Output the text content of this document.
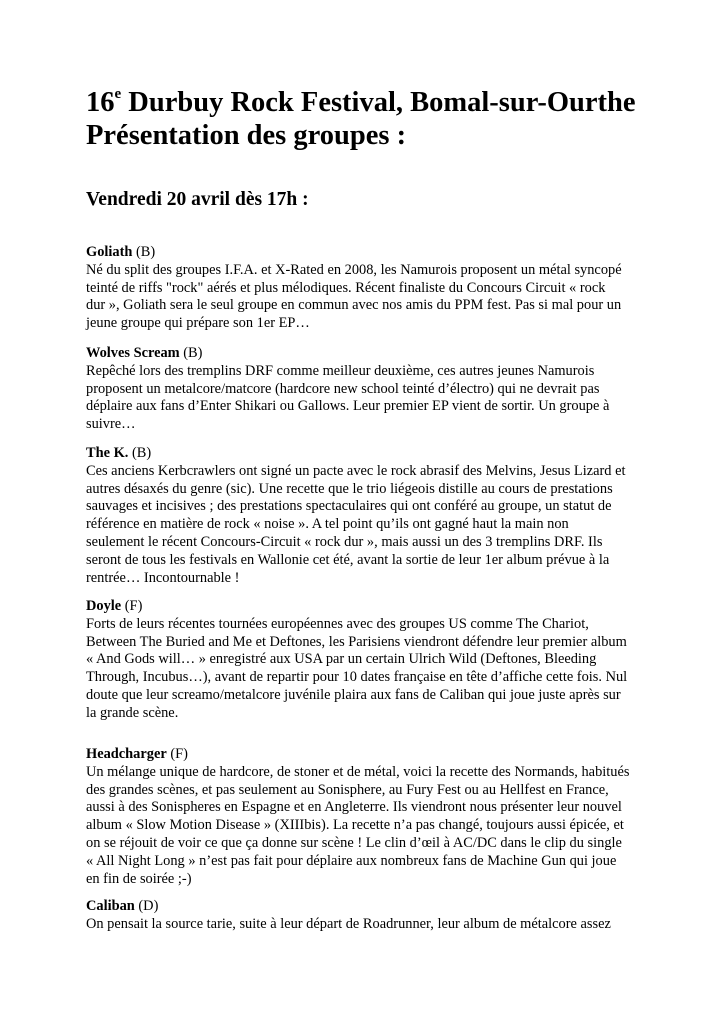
16e Durbuy Rock Festival, Bomal-sur-Ourthe
Présentation des groupes :
Vendredi 20 avril dès 17h :
Goliath (B)
Né du split des groupes I.F.A. et X-Rated en 2008, les Namurois proposent un métal syncopé
teinté de riffs "rock" aérés et plus mélodiques. Récent finaliste du Concours Circuit « rock
dur », Goliath sera le seul groupe en commun avec nos amis du PPM fest. Pas si mal pour un
jeune groupe qui prépare son 1er EP…
Wolves Scream (B)
Repêché lors des tremplins DRF comme meilleur deuxième, ces autres jeunes Namurois
proposent un metalcore/matcore (hardcore new school teinté d’électro) qui ne devrait pas
déplaire aux fans d’Enter Shikari ou Gallows. Leur premier EP vient de sortir. Un groupe à
suivre…
The K. (B)
Ces anciens Kerbcrawlers ont signé un pacte avec le rock abrasif des Melvins, Jesus Lizard et
autres désaxés du genre (sic). Une recette que le trio liégeois distille au cours de prestations
sauvages et incisives ; des prestations spectaculaires qui ont conféré au groupe, un statut de
référence en matière de rock « noise ». A tel point qu’ils ont gagné haut la main non
seulement le récent Concours-Circuit « rock dur », mais aussi un des 3 tremplins DRF. Ils
seront de tous les festivals en Wallonie cet été, avant la sortie de leur 1er album prévue à la
rentrée… Incontournable !
Doyle (F)
Forts de leurs récentes tournées européennes avec des groupes US comme The Chariot,
Between The Buried and Me et Deftones, les Parisiens viendront défendre leur premier album
« And Gods will… » enregistré aux USA par un certain Ulrich Wild (Deftones, Bleeding
Through, Incubus…), avant de repartir pour 10 dates française en tête d’affiche cette fois. Nul
doute que leur screamo/metalcore juvénile plaira aux fans de Caliban qui joue juste après sur
la grande scène.
Headcharger (F)
Un mélange unique de hardcore, de stoner et de métal, voici la recette des Normands, habitués
des grandes scènes, et pas seulement au Sonisphere, au Fury Fest ou au Hellfest en France,
aussi à des Sonispheres en Espagne et en Angleterre. Ils viendront nous présenter leur nouvel
album « Slow Motion Disease » (XIIIbis). La recette n’a pas changé, toujours aussi épicée, et
on se réjouit de voir ce que ça donne sur scène ! Le clin d’œil à AC/DC dans le clip du single
« All Night Long » n’est pas fait pour déplaire aux nombreux fans de Machine Gun qui joue
en fin de soirée ;-)
Caliban (D)
On pensait la source tarie, suite à leur départ de Roadrunner, leur album de métalcore assez
